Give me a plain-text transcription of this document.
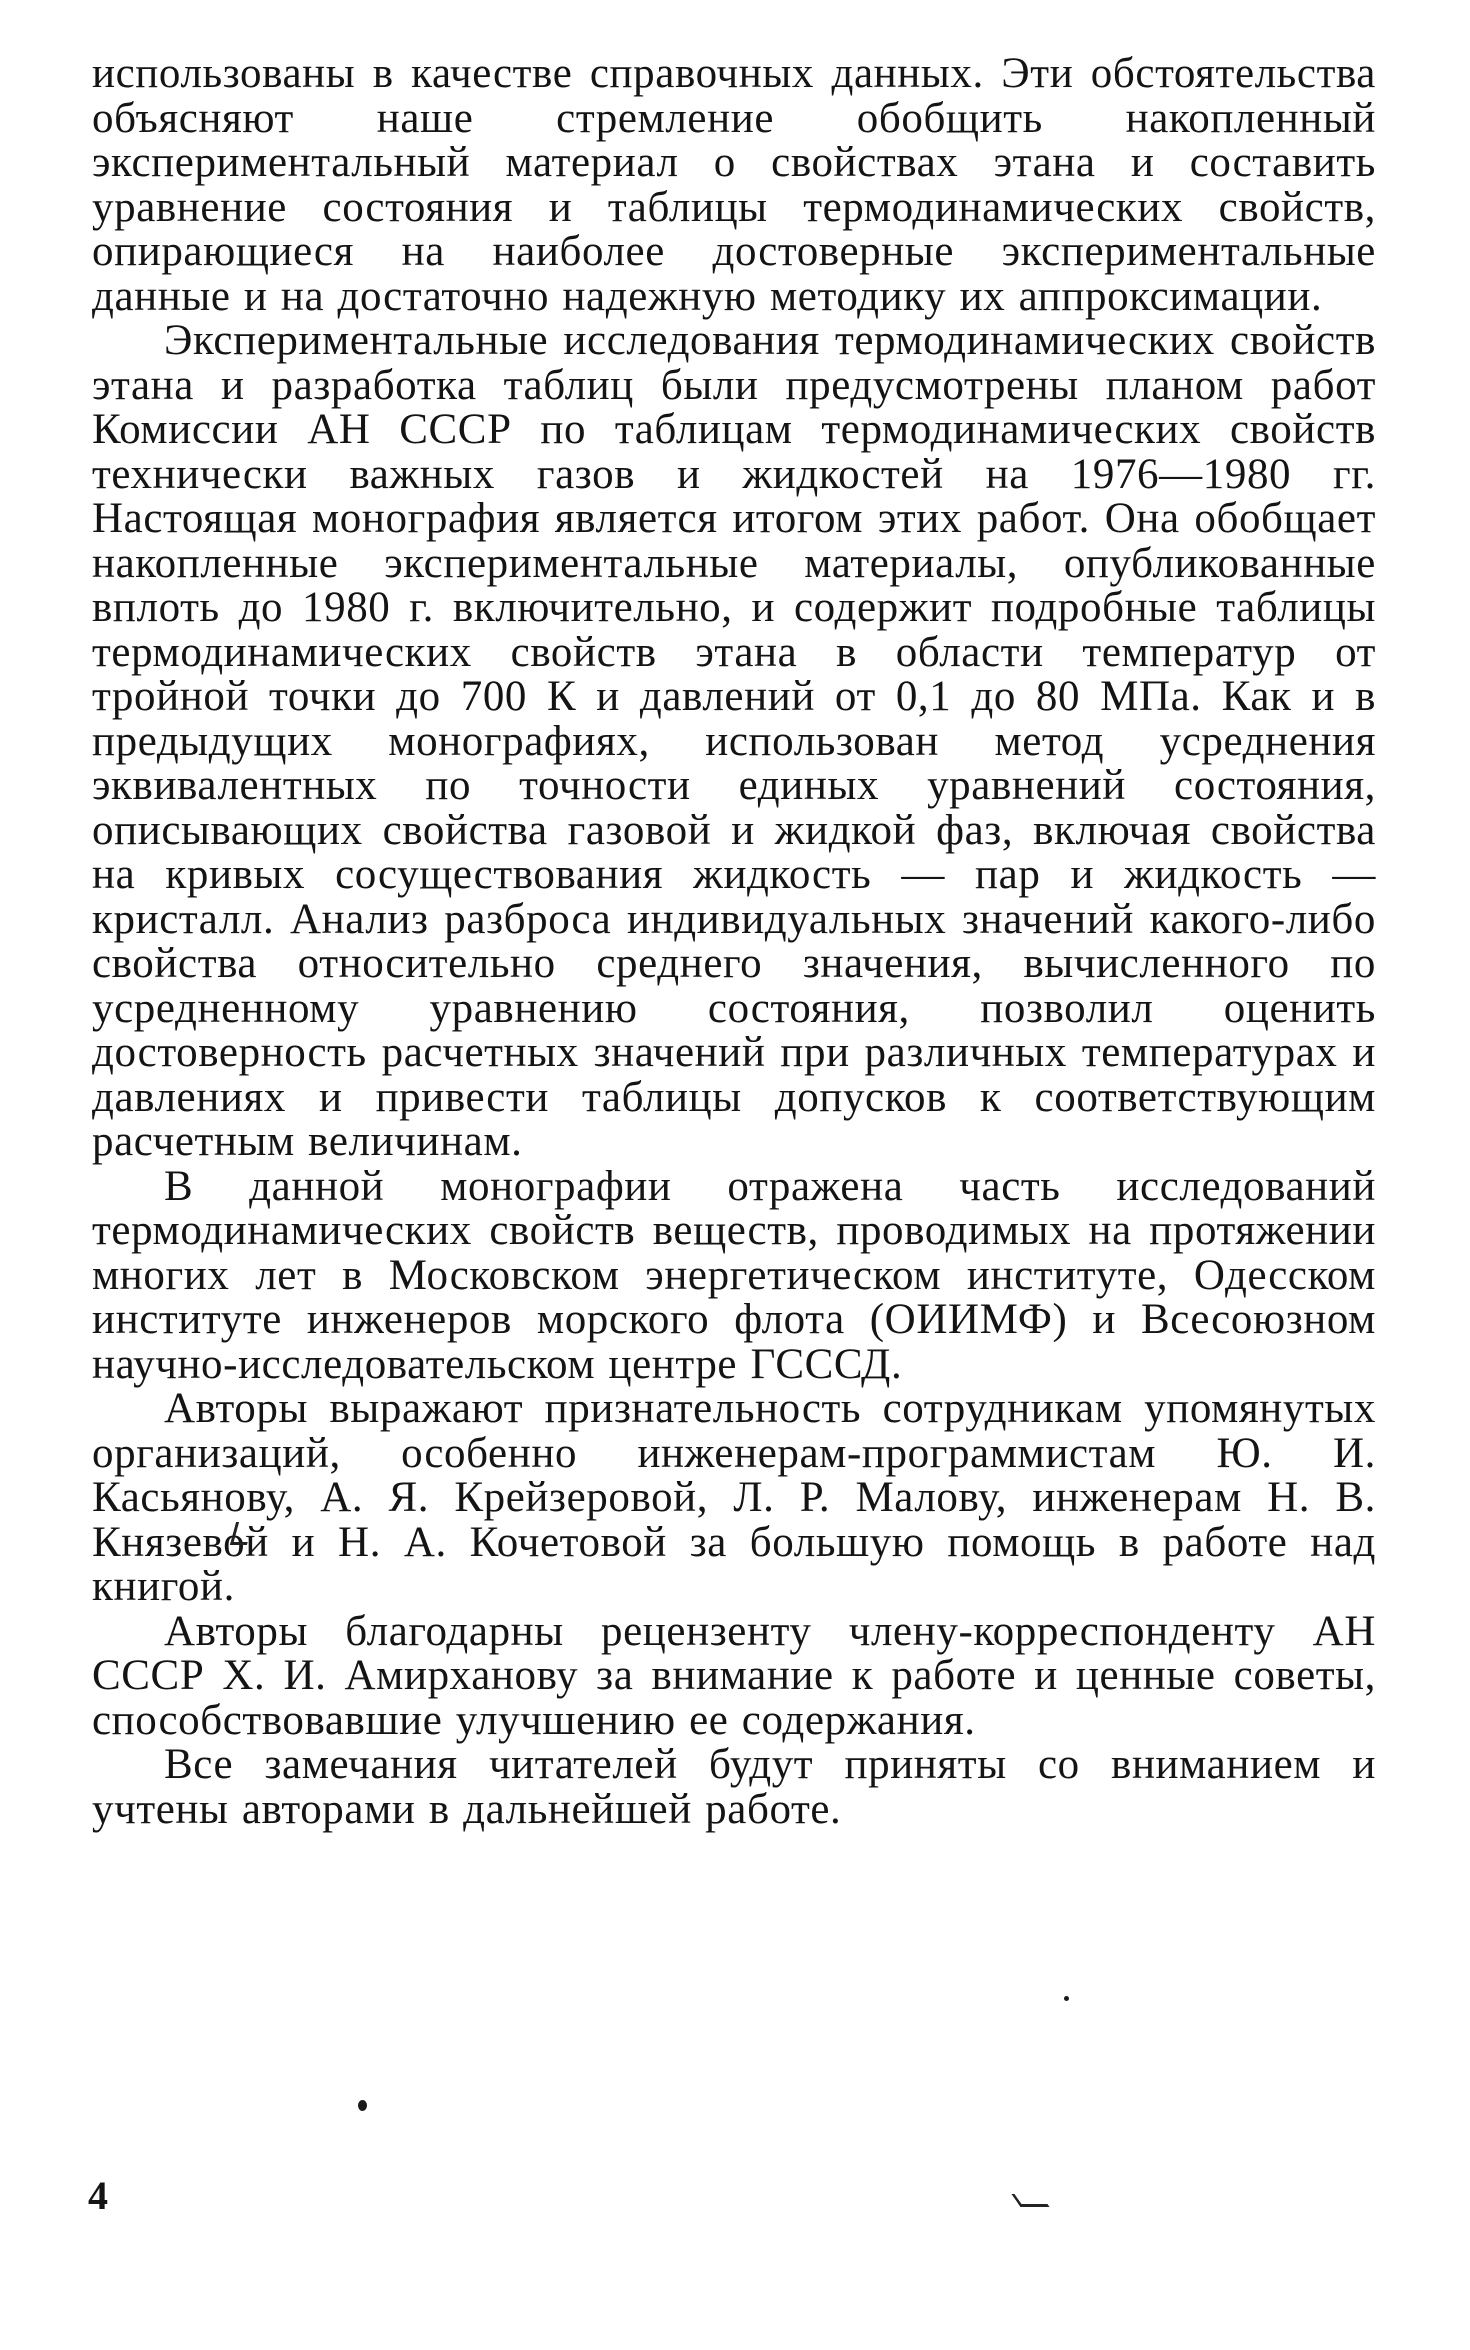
использованы в качестве справочных данных. Эти обстоятельства объясняют наше стремление обобщить накопленный экспериментальный материал о свойствах этана и составить уравнение состояния и таблицы термодинамических свойств, опирающиеся на наиболее достоверные экспериментальные данные и на достаточно надежную методику их аппроксимации.

Экспериментальные исследования термодинамических свойств этана и разработка таблиц были предусмотрены планом работ Комиссии АН СССР по таблицам термодинамических свойств технически важных газов и жидкостей на 1976—1980 гг. Настоящая монография является итогом этих работ. Она обобщает накопленные экспериментальные материалы, опубликованные вплоть до 1980 г. включительно, и содержит подробные таблицы термодинамических свойств этана в области температур от тройной точки до 700 К и давлений от 0,1 до 80 МПа. Как и в предыдущих монографиях, использован метод усреднения эквивалентных по точности единых уравнений состояния, описывающих свойства газовой и жидкой фаз, включая свойства на кривых сосуществования жидкость — пар и жидкость — кристалл. Анализ разброса индивидуальных значений какого-либо свойства относительно среднего значения, вычисленного по усредненному уравнению состояния, позволил оценить достоверность расчетных значений при различных температурах и давлениях и привести таблицы допусков к соответствующим расчетным величинам.

В данной монографии отражена часть исследований термодинамических свойств веществ, проводимых на протяжении многих лет в Московском энергетическом институте, Одесском институте инженеров морского флота (ОИИМФ) и Всесоюзном научно-исследовательском центре ГСССД.

Авторы выражают признательность сотрудникам упомянутых организаций, особенно инженерам-программистам Ю. И. Касьянову, А. Я. Крейзеровой, Л. Р. Малову, инженерам Н. В. Князевой и Н. А. Кочетовой за большую помощь в работе над книгой.

Авторы благодарны рецензенту члену-корреспонденту АН СССР Х. И. Амирханову за внимание к работе и ценные советы, способствовавшие улучшению ее содержания.

Все замечания читателей будут приняты со вниманием и учтены авторами в дальнейшей работе.

4
